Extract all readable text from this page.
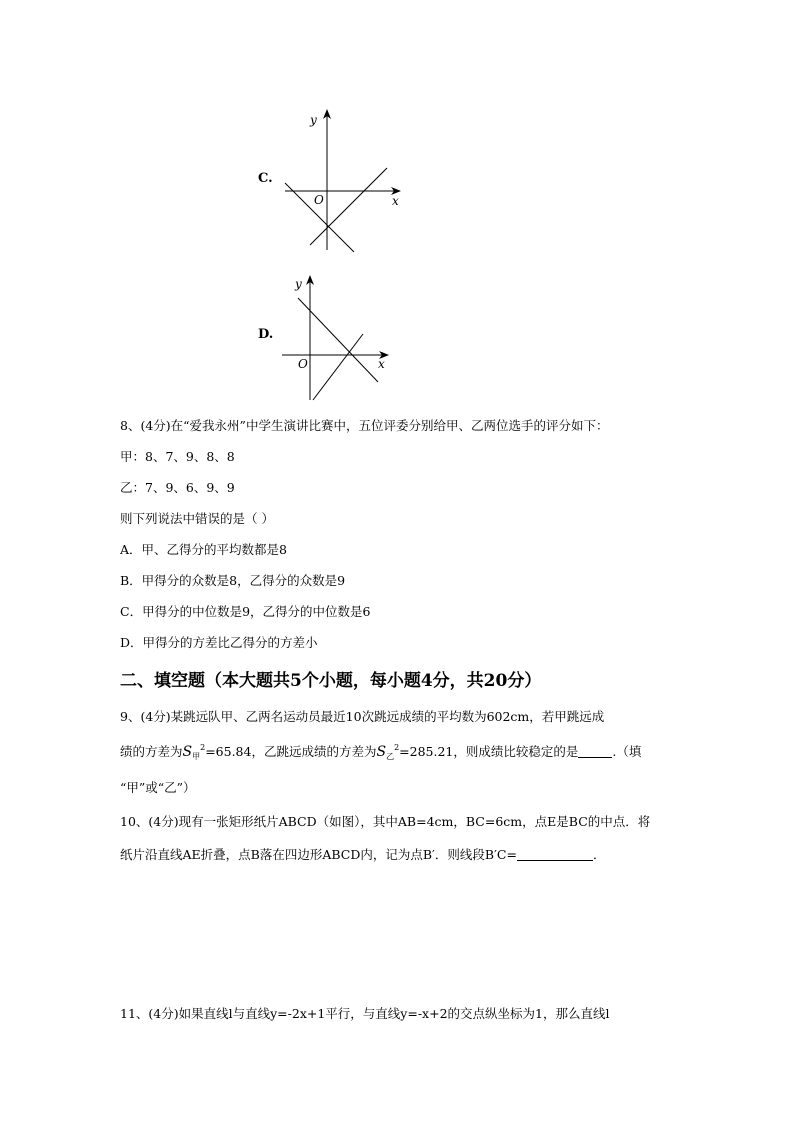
C.
y
x
O
D.
y
x
O
8、(4分)在“爱我永州”中学生演讲比赛中，五位评委分别给甲、乙两位选手的评分如下：
甲：8、7、9、8、8
乙：7、9、6、9、9
则下列说法中错误的是（ ）
A．甲、乙得分的平均数都是8
B．甲得分的众数是8，乙得分的众数是9
C．甲得分的中位数是9，乙得分的中位数是6
D．甲得分的方差比乙得分的方差小
二、填空题（本大题共5个小题，每小题4分，共20分）
9、(4分)某跳远队甲、乙两名运动员最近10次跳远成绩的平均数为602cm，若甲跳远成
绩的方差为$S_甲^2=65.84$，乙跳远成绩的方差为$S_乙^2=285.21$，则成绩比较稳定的是	.（填
“甲”或“乙”）
10、(4分)现有一张矩形纸片ABCD（如图），其中AB=4cm，BC=6cm，点E是BC的中点．将
纸片沿直线AE折叠，点B落在四边形ABCD内，记为点B′．则线段B′C=	．
11、(4分)如果直线l与直线y=-2x+1平行，与直线y=-x+2的交点纵坐标为1，那么直线l
